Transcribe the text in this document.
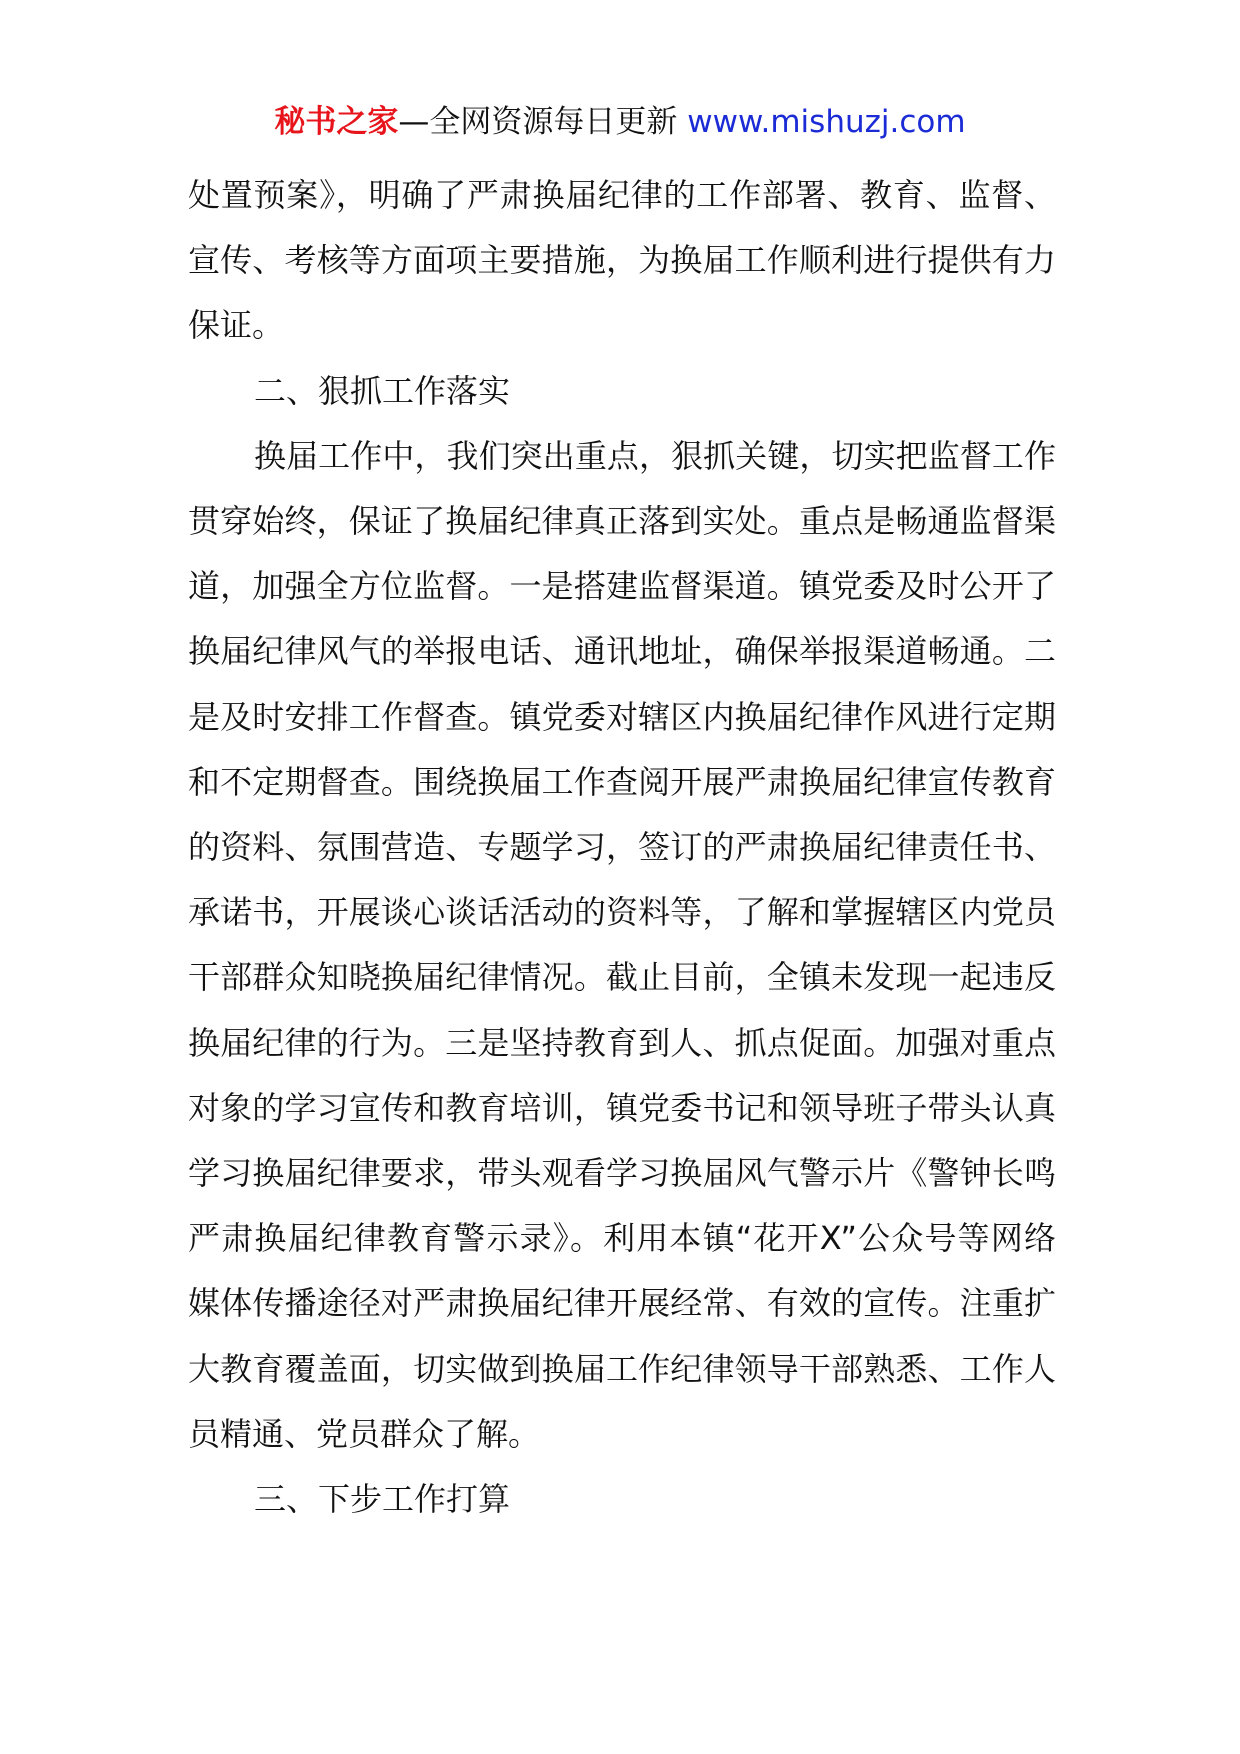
秘书之家—全网资源每日更新 www.mishuzj.com

处置预案》，明确了严肃换届纪律的工作部署、教育、监督、宣传、考核等方面项主要措施，为换届工作顺利进行提供有力保证。

二、狠抓工作落实

换届工作中，我们突出重点，狠抓关键，切实把监督工作贯穿始终，保证了换届纪律真正落到实处。重点是畅通监督渠道，加强全方位监督。一是搭建监督渠道。镇党委及时公开了换届纪律风气的举报电话、通讯地址，确保举报渠道畅通。二是及时安排工作督查。镇党委对辖区内换届纪律作风进行定期和不定期督查。围绕换届工作查阅开展严肃换届纪律宣传教育的资料、氛围营造、专题学习，签订的严肃换届纪律责任书、承诺书，开展谈心谈话活动的资料等，了解和掌握辖区内党员干部群众知晓换届纪律情况。截止目前，全镇未发现一起违反换届纪律的行为。三是坚持教育到人、抓点促面。加强对重点对象的学习宣传和教育培训，镇党委书记和领导班子带头认真学习换届纪律要求，带头观看学习换届风气警示片《警钟长鸣严肃换届纪律教育警示录》。利用本镇“花开X”公众号等网络媒体传播途径对严肃换届纪律开展经常、有效的宣传。注重扩大教育覆盖面，切实做到换届工作纪律领导干部熟悉、工作人员精通、党员群众了解。

三、下步工作打算
